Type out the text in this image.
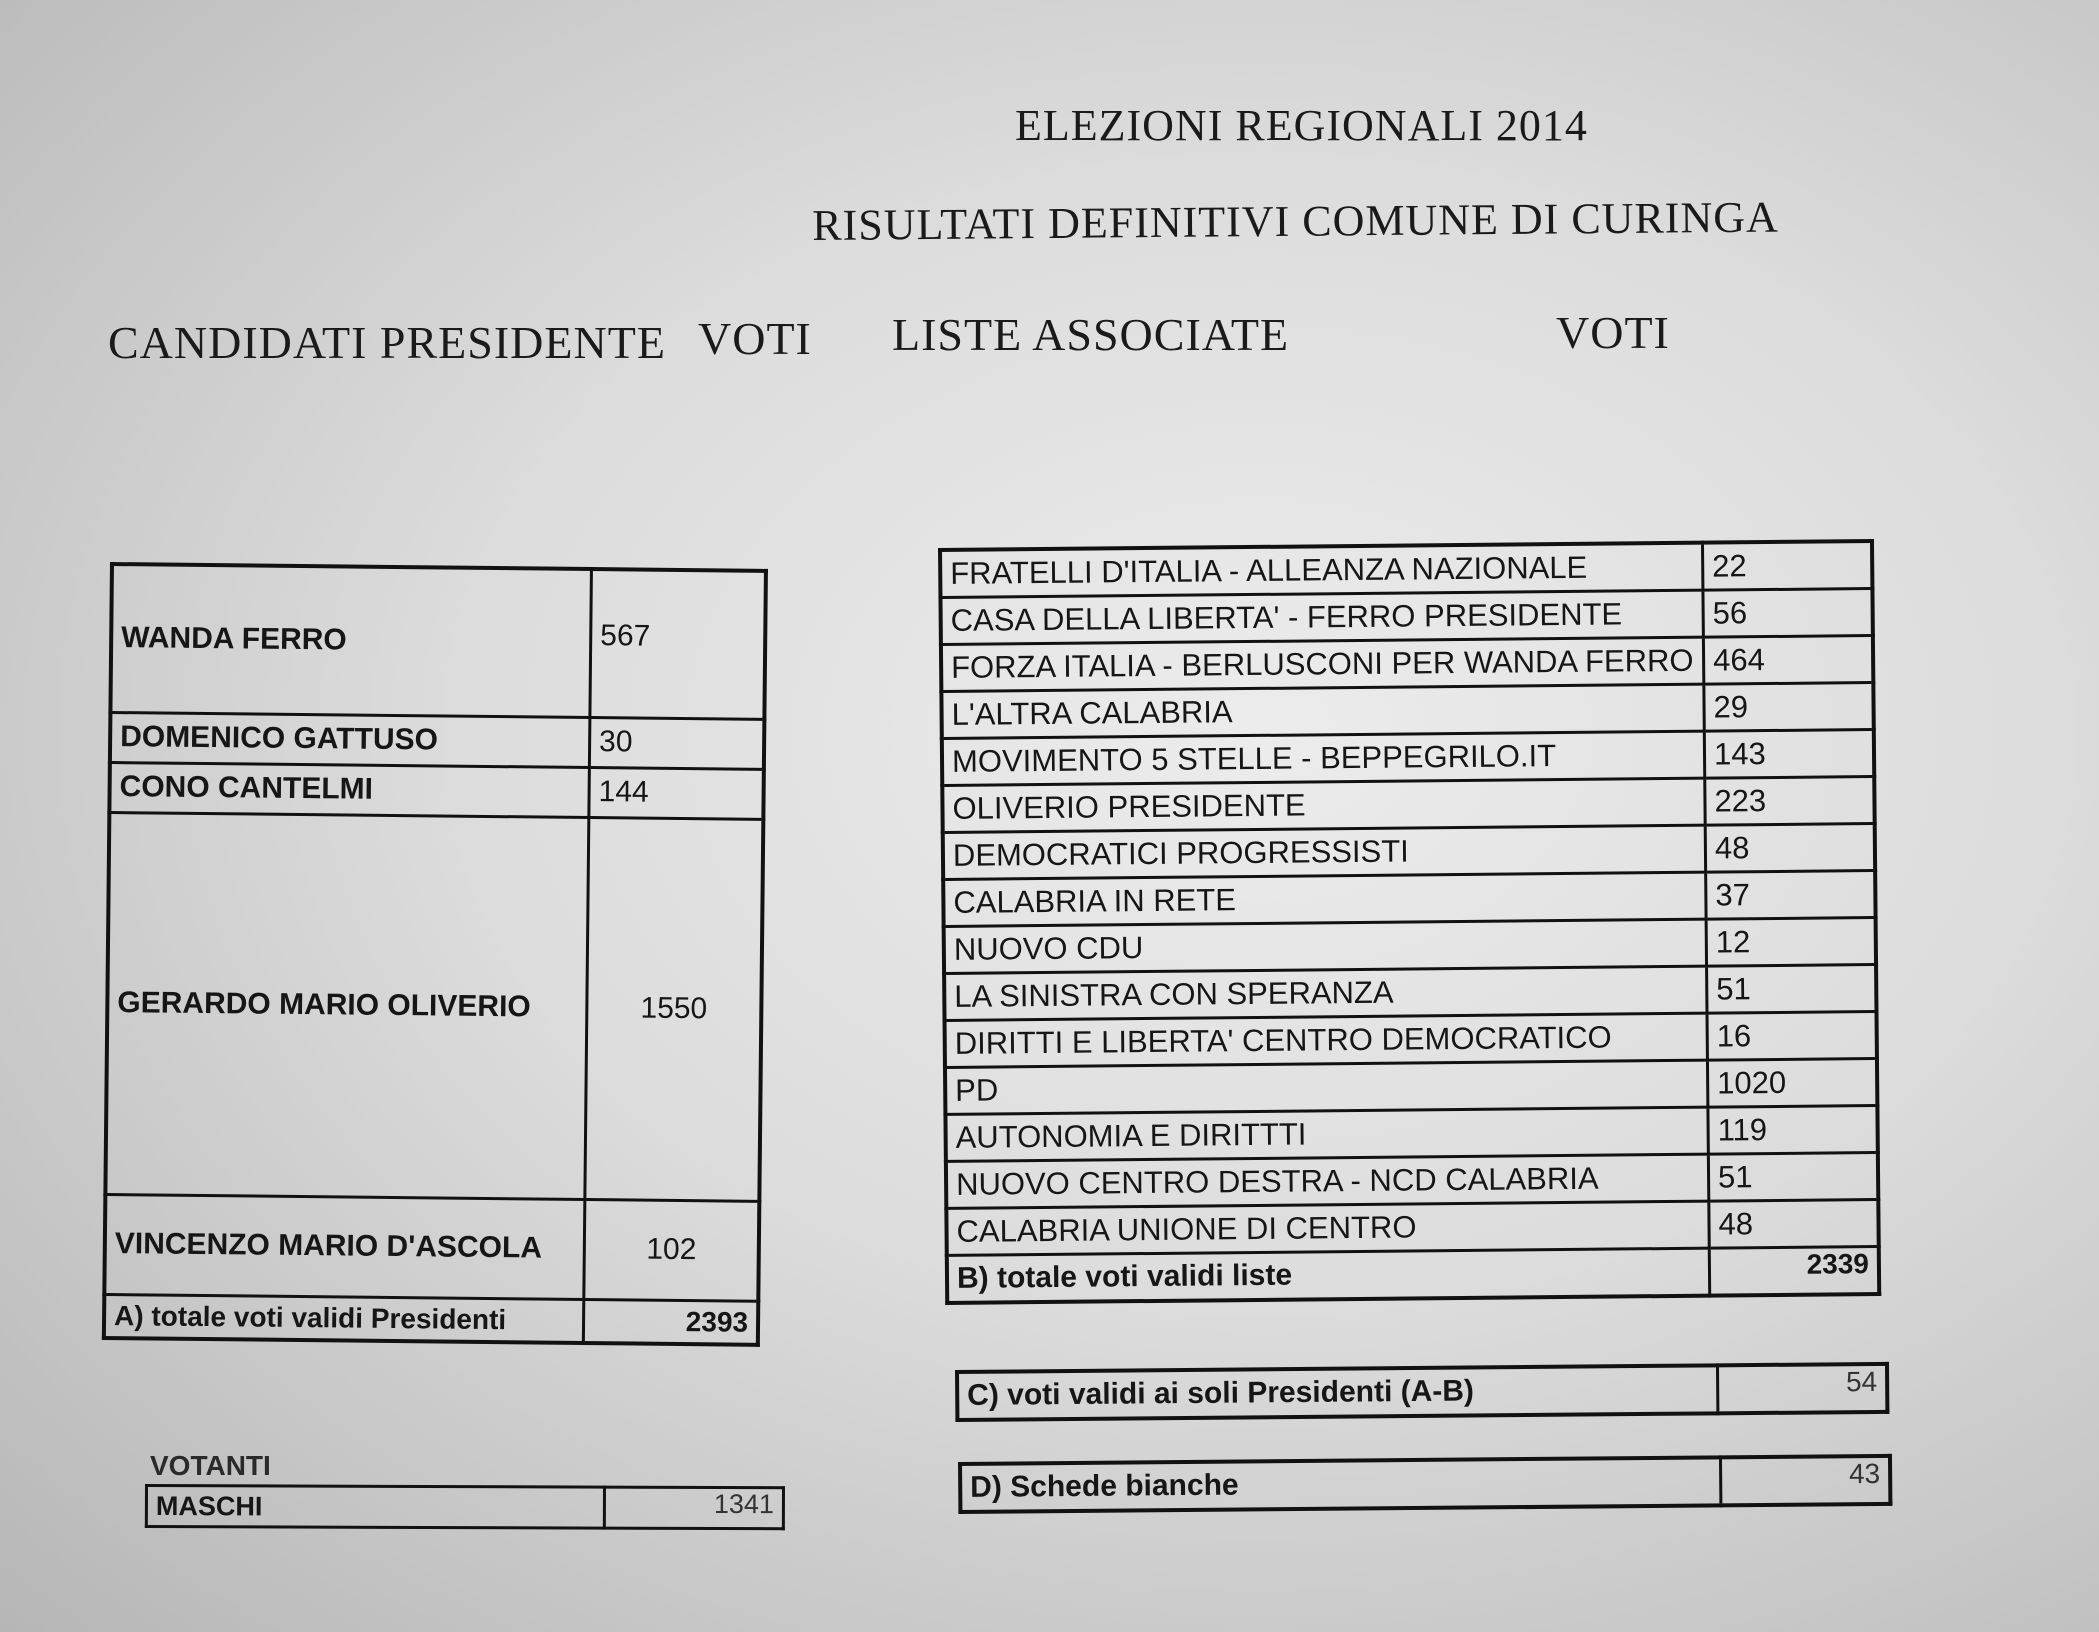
ELEZIONI REGIONALI 2014
RISULTATI DEFINITIVI COMUNE DI CURINGA
CANDIDATI PRESIDENTE VOTI LISTE ASSOCIATE	VOTI
WANDA FERRO	567
DOMENICO GATTUSO	30
CONO CANTELMI	144
GERARDO MARIO OLIVERIO	1550
VINCENZO MARIO D'ASCOLA	102
A) totale voti validi Presidenti	2393
FRATELLI D'ITALIA - ALLEANZA NAZIONALE	22
CASA DELLA LIBERTA' - FERRO PRESIDENTE	56
FORZA ITALIA - BERLUSCONI PER WANDA FERRO	464
L'ALTRA CALABRIA	29
MOVIMENTO 5 STELLE - BEPPEGRILO.IT	143
OLIVERIO PRESIDENTE	223
DEMOCRATICI PROGRESSISTI	48
CALABRIA IN RETE	37
NUOVO CDU	12
LA SINISTRA CON SPERANZA	51
DIRITTI E LIBERTA' CENTRO DEMOCRATICO	16
PD	1020
AUTONOMIA E DIRITTTI	119
NUOVO CENTRO DESTRA - NCD CALABRIA	51
CALABRIA UNIONE DI CENTRO	48
B) totale voti validi liste	2339
C) voti validi ai soli Presidenti (A-B)	54
D) Schede bianche	43
VOTANTI
MASCHI	1341
